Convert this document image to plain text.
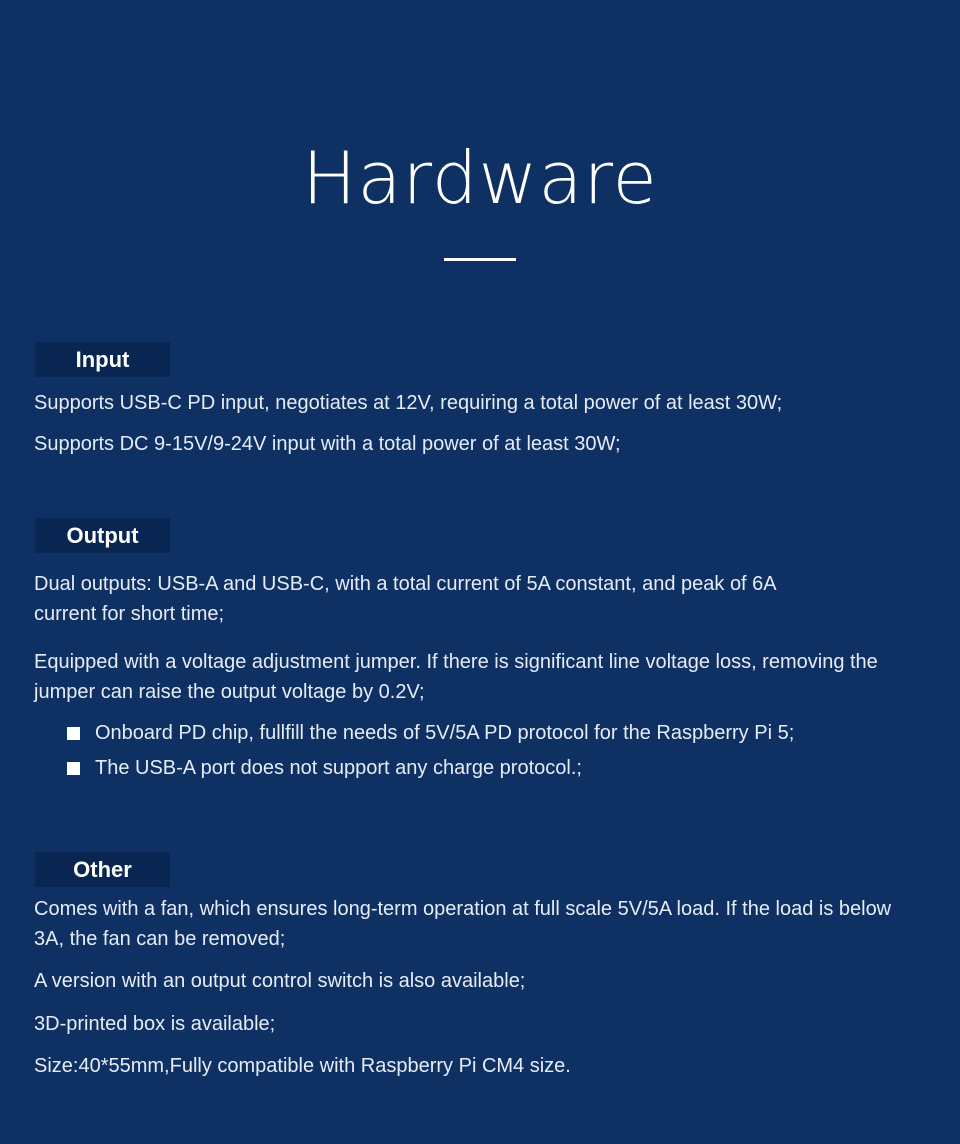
Hardware
Input

Supports USB-C PD input, negotiates at 12V, requiring a total power of at least 30W;

Supports DC 9-15V/9-24V input with a total power of at least 30W;

Output

Dual outputs: USB-A and USB-C, with a total current of 5A constant, and peak of 6A current for short time;

Equipped with a voltage adjustment jumper. If there is significant line voltage loss, removing the jumper can raise the output voltage by 0.2V;

Onboard PD chip, fullfill the needs of 5V/5A PD protocol for the Raspberry Pi 5;
The USB-A port does not support any charge protocol.;
Other

Comes with a fan, which ensures long-term operation at full scale 5V/5A load. If the load is below 3A, the fan can be removed;

A version with an output control switch is also available;

3D-printed box is available;

Size:40*55mm,Fully compatible with Raspberry Pi CM4 size.
